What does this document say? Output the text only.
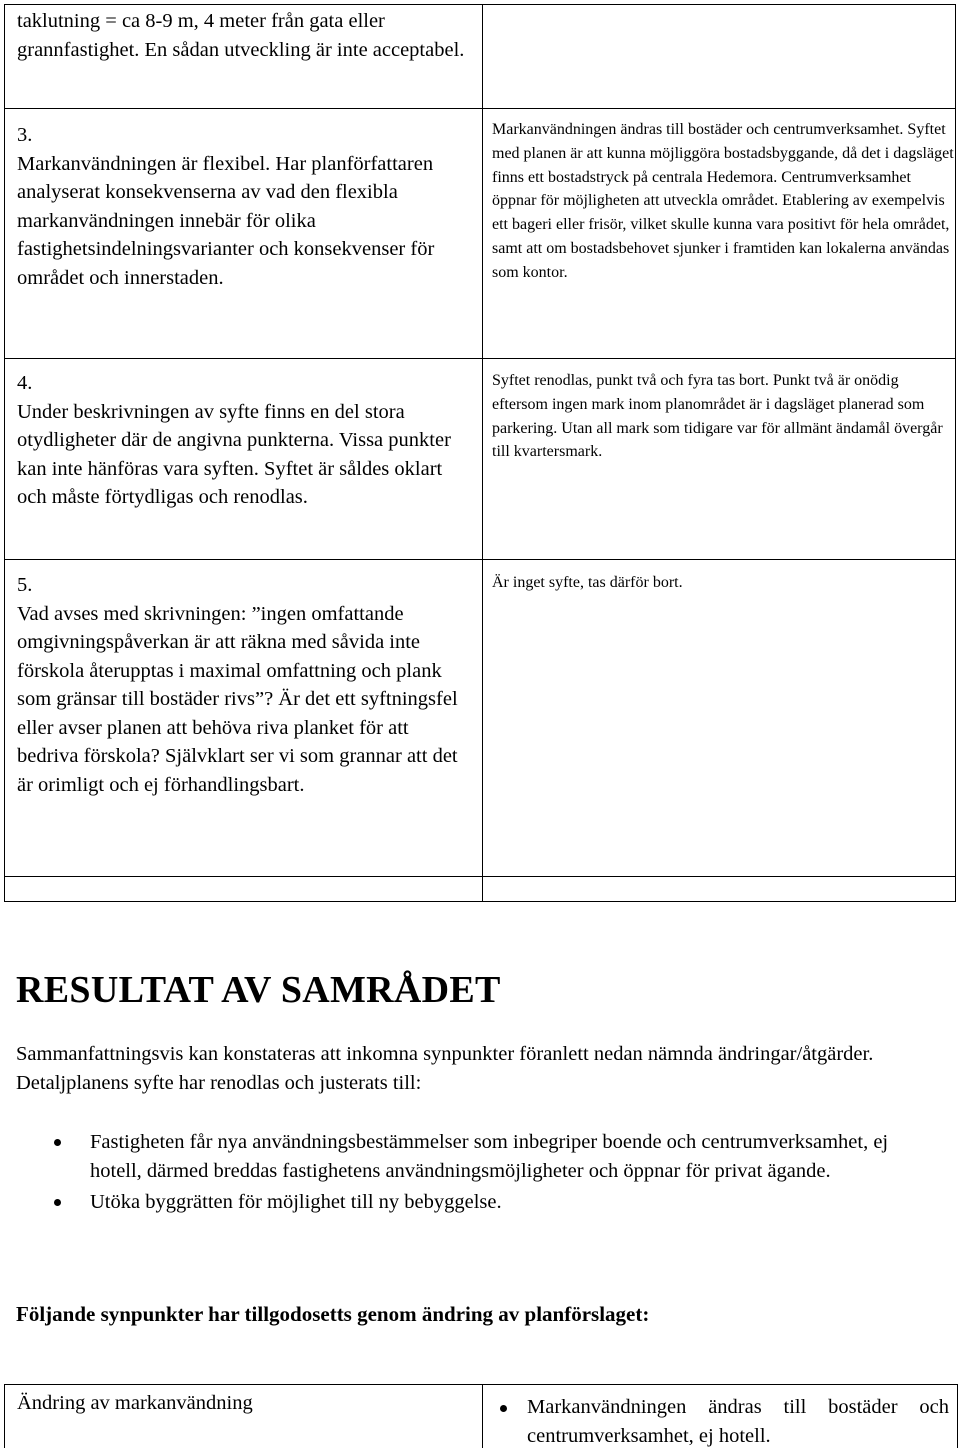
taklutning = ca 8-9 m, 4 meter från gata eller grannfastighet. En sådan utveckling är inte acceptabel.

3.

Markanvändningen är flexibel. Har planförfattaren analyserat konsekvenserna av vad den flexibla markanvändningen innebär för olika fastighetsindelningsvarianter och konsekvenser för området och innerstaden.

Markanvändningen ändras till bostäder och centrumverksamhet. Syftet med planen är att kunna möjliggöra bostadsbyggande, då det i dagsläget finns ett bostadstryck på centrala Hedemora. Centrumverksamhet öppnar för möjligheten att utveckla området. Etablering av exempelvis ett bageri eller frisör, vilket skulle kunna vara positivt för hela området, samt att om bostadsbehovet sjunker i framtiden kan lokalerna användas som kontor.

4.

Under beskrivningen av syfte finns en del stora otydligheter där de angivna punkterna. Vissa punkter kan inte hänföras vara syften. Syftet är såldes oklart och måste förtydligas och renodlas.

Syftet renodlas, punkt två och fyra tas bort. Punkt två är onödig eftersom ingen mark inom planområdet är i dagsläget planerad som parkering. Utan all mark som tidigare var för allmänt ändamål övergår till kvartersmark.

5.

Vad avses med skrivningen: ”ingen omfattande omgivningspåverkan är att räkna med såvida inte förskola återupptas i maximal omfattning och plank som gränsar till bostäder rivs”? Är det ett syftningsfel eller avser planen att behöva riva planket för att bedriva förskola? Självklart ser vi som grannar att det är orimligt och ej förhandlingsbart.

Är inget syfte, tas därför bort.

RESULTAT AV SAMRÅDET

Sammanfattningsvis kan konstateras att inkomna synpunkter föranlett nedan nämnda ändringar/åtgärder. Detaljplanens syfte har renodlas och justerats till:

Fastigheten får nya användningsbestämmelser som inbegriper boende och centrumverksamhet, ej hotell, därmed breddas fastighetens användningsmöjligheter och öppnar för privat ägande.
Utöka byggrätten för möjlighet till ny bebyggelse.

Följande synpunkter har tillgodosetts genom ändring av planförslaget:

Ändring av markanvändning	Markanvändningen ändras till bostäder och centrumverksamhet, ej hotell.
